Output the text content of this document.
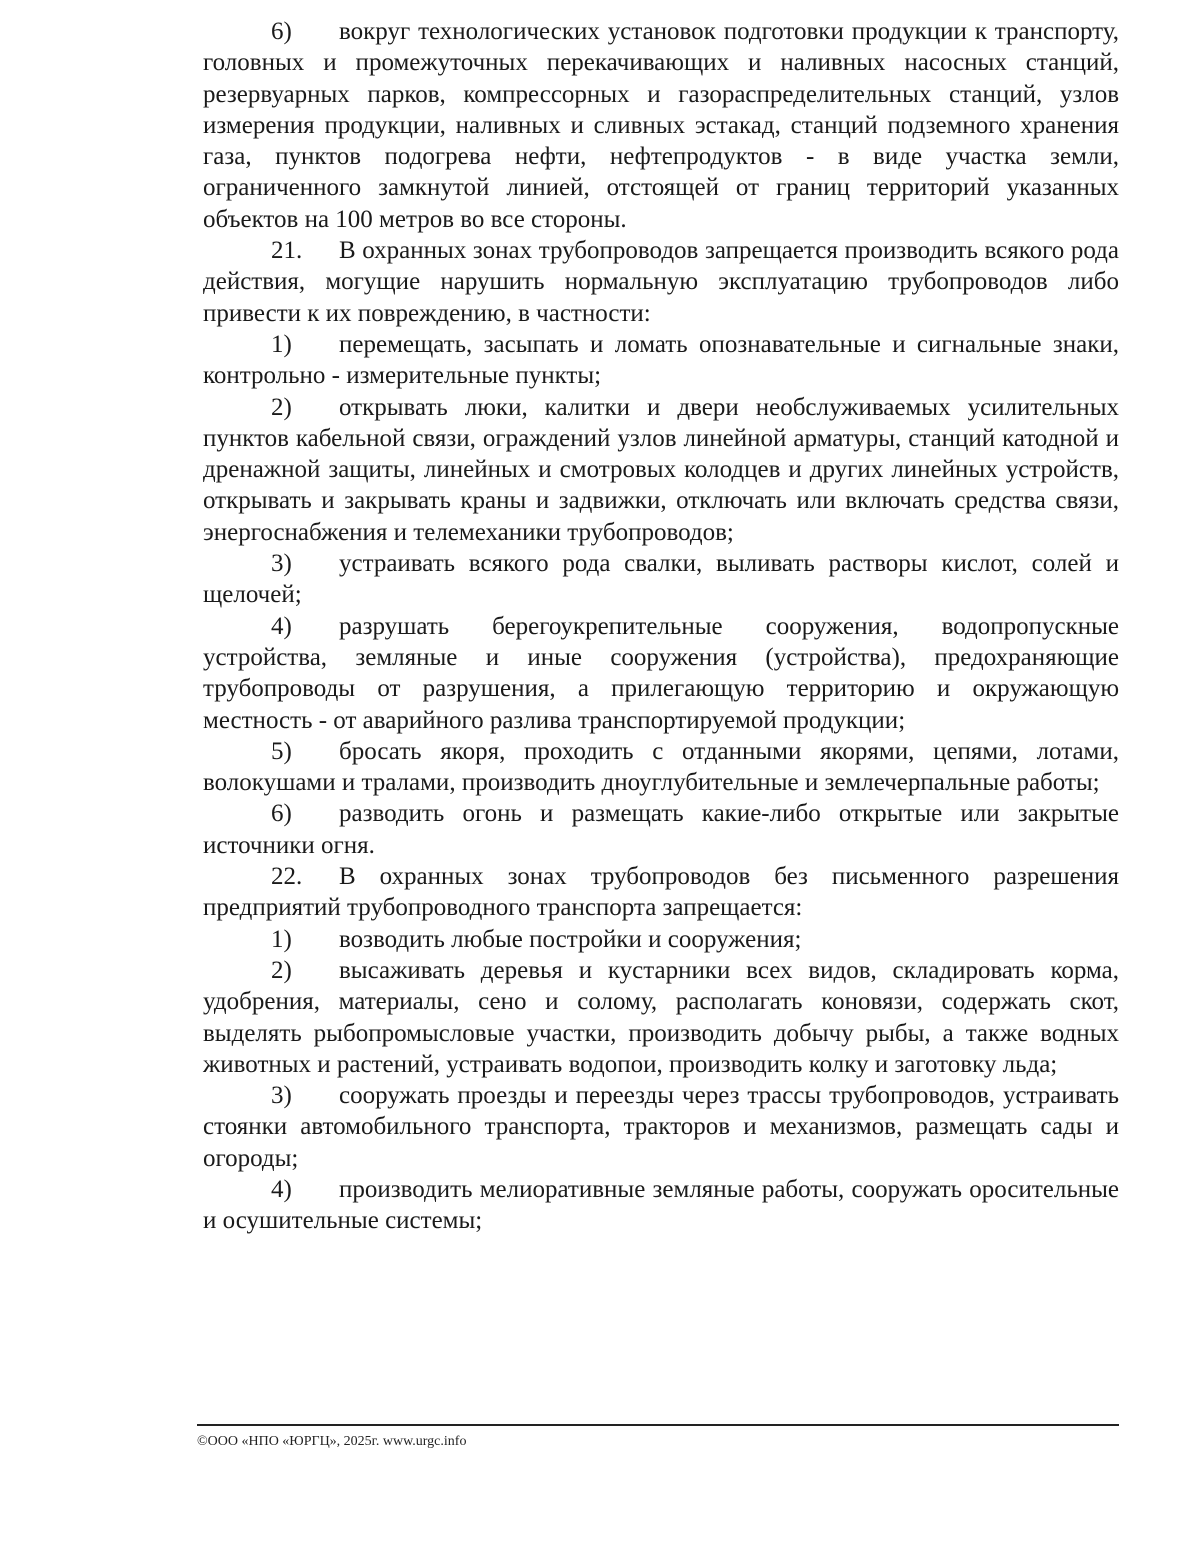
6) вокруг технологических установок подготовки продукции к транспорту, головных и промежуточных перекачивающих и наливных насосных станций, резервуарных парков, компрессорных и газораспределительных станций, узлов измерения продукции, наливных и сливных эстакад, станций подземного хранения газа, пунктов подогрева нефти, нефтепродуктов - в виде участка земли, ограниченного замкнутой линией, отстоящей от границ территорий указанных объектов на 100 метров во все стороны.

21. В охранных зонах трубопроводов запрещается производить всякого рода действия, могущие нарушить нормальную эксплуатацию трубопроводов либо привести к их повреждению, в частности:

1) перемещать, засыпать и ломать опознавательные и сигнальные знаки, контрольно - измерительные пункты;

2) открывать люки, калитки и двери необслуживаемых усилительных пунктов кабельной связи, ограждений узлов линейной арматуры, станций катодной и дренажной защиты, линейных и смотровых колодцев и других линейных устройств, открывать и закрывать краны и задвижки, отключать или включать средства связи, энергоснабжения и телемеханики трубопроводов;

3) устраивать всякого рода свалки, выливать растворы кислот, солей и щелочей;

4) разрушать берегоукрепительные сооружения, водопропускные устройства, земляные и иные сооружения (устройства), предохраняющие трубопроводы от разрушения, а прилегающую территорию и окружающую местность - от аварийного разлива транспортируемой продукции;

5) бросать якоря, проходить с отданными якорями, цепями, лотами, волокушами и тралами, производить дноуглубительные и землечерпальные работы;

6) разводить огонь и размещать какие-либо открытые или закрытые источники огня.

22. В охранных зонах трубопроводов без письменного разрешения предприятий трубопроводного транспорта запрещается:

1) возводить любые постройки и сооружения;

2) высаживать деревья и кустарники всех видов, складировать корма, удобрения, материалы, сено и солому, располагать коновязи, содержать скот, выделять рыбопромысловые участки, производить добычу рыбы, а также водных животных и растений, устраивать водопои, производить колку и заготовку льда;

3) сооружать проезды и переезды через трассы трубопроводов, устраивать стоянки автомобильного транспорта, тракторов и механизмов, размещать сады и огороды;

4) производить мелиоративные земляные работы, сооружать оросительные и осушительные системы;

©ООО «НПО «ЮРГЦ», 2025г. www.urgc.info
